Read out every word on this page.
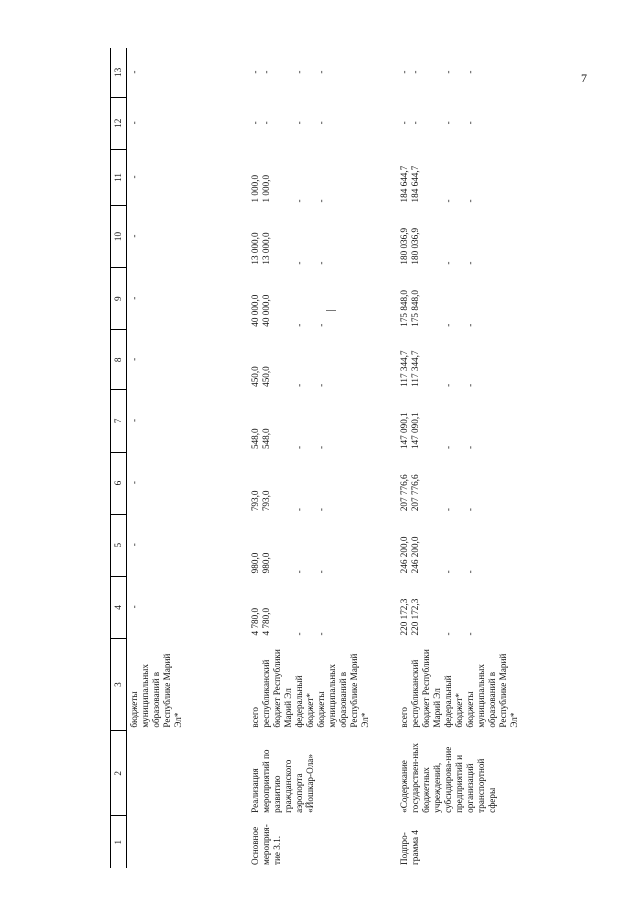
7
1	2	3	4	5	6	7	8	9	10	11	12	13
		бюджеты муниципальных образований в Республике Марий Эл*	-	-	-	-	-	-	-	-	-	-
Основное мероприя-тие 3.1.	Реализация мероприятий по развитию гражданского аэропорта «Йошкар-Ола»	всего республиканский бюджет Республики Марий Эл федеральный бюджет* бюджеты муниципальных образований в Республике Марий Эл*	4 780,0 4 780,0 - -	980,0 980,0 - -	793,0 793,0 - -	548,0 548,0 - -	450,0 450,0 - -	40 000,0 40 000,0 - -	13 000,0 13 000,0 - -	1 000,0 1 000,0 - -	- - - -	- - - -

Подпро-грамма 4	«Содержание государствен-ных бюджетных учреждений, субсидирова-ние предприятий и организаций транспортной сферы	всего республиканский бюджет Республики Марий Эл федеральный бюджет* бюджеты муниципальных образований в Республике Марий Эл*	220 172,3 220 172,3 - -	246 200,0 246 200,0 - -	207 776,6 207 776,6 - -	147 090,1 147 090,1 - -	117 344,7 117 344,7 - -	175 848,0 175 848,0 - -	180 036,9 180 036,9 - -	184 644,7 184 644,7 - -	- - - -	- - - -
